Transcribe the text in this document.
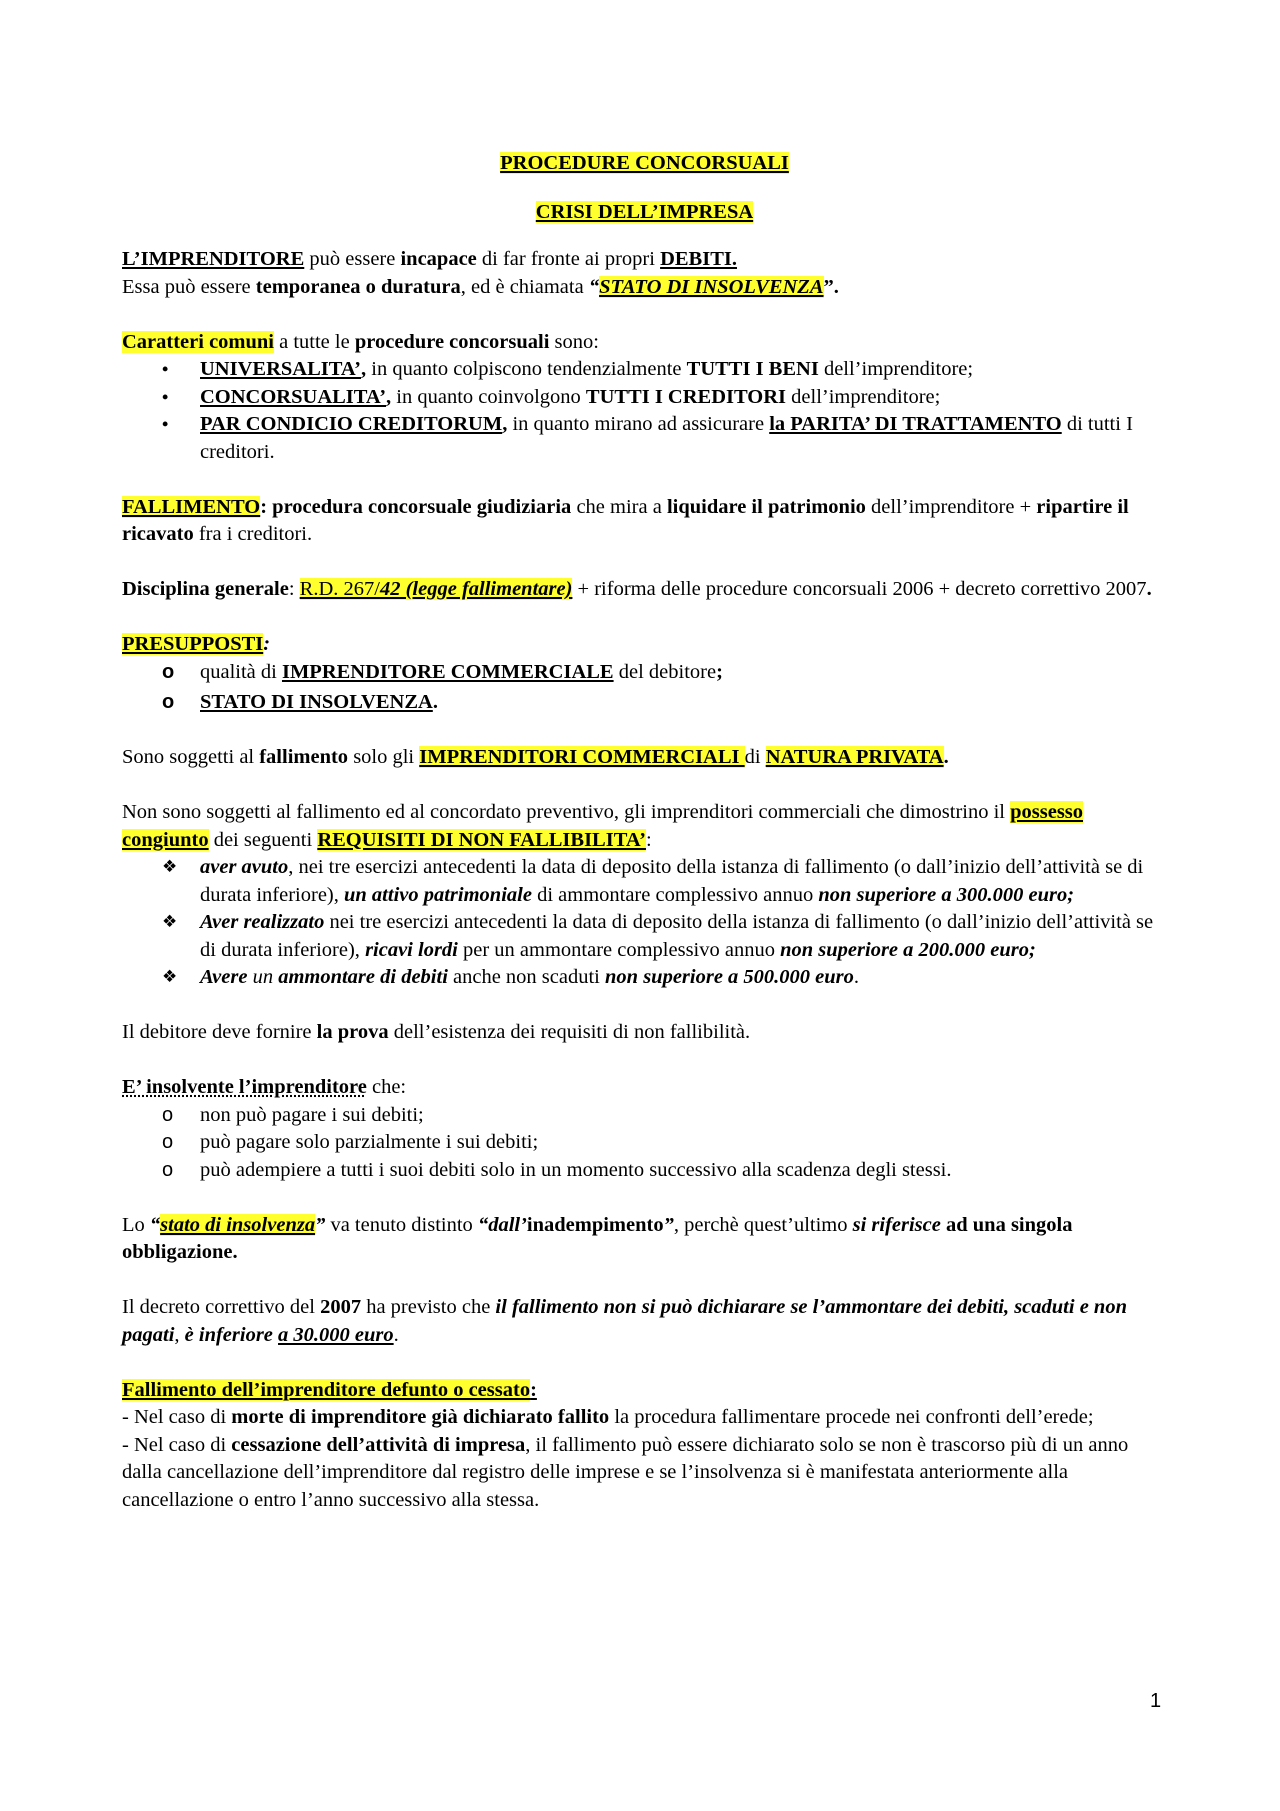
PROCEDURE CONCORSUALI

CRISI DELL’IMPRESA

L’IMPRENDITORE può essere incapace di far fronte ai propri DEBITI.

Essa può essere temporanea o duratura, ed è chiamata “STATO DI INSOLVENZA”.

Caratteri comuni a tutte le procedure concorsuali sono:

•	UNIVERSALITA’, in quanto colpiscono tendenzialmente TUTTI I BENI dell’imprenditore;
•	CONCORSUALITA’, in quanto coinvolgono TUTTI I CREDITORI dell’imprenditore;
•	PAR CONDICIO CREDITORUM, in quanto mirano ad assicurare la PARITA’ DI TRATTAMENTO di tutti I creditori.

FALLIMENTO: procedura concorsuale giudiziaria che mira a liquidare il patrimonio dell’imprenditore + ripartire il ricavato fra i creditori.

Disciplina generale: R.D. 267/42 (legge fallimentare) + riforma delle procedure concorsuali 2006 + decreto correttivo 2007.

PRESUPPOSTI:

o	qualità di IMPRENDITORE COMMERCIALE del debitore;
o	STATO DI INSOLVENZA.

Sono soggetti al fallimento solo gli IMPRENDITORI COMMERCIALI di NATURA PRIVATA.

Non sono soggetti al fallimento ed al concordato preventivo, gli imprenditori commerciali che dimostrino il possesso congiunto dei seguenti REQUISITI DI NON FALLIBILITA’:

❖	aver avuto, nei tre esercizi antecedenti la data di deposito della istanza di fallimento (o dall’inizio dell’attività se di durata inferiore), un attivo patrimoniale di ammontare complessivo annuo non superiore a 300.000 euro;
❖	Aver realizzato nei tre esercizi antecedenti la data di deposito della istanza di fallimento (o dall’inizio dell’attività se di durata inferiore), ricavi lordi per un ammontare complessivo annuo non superiore a 200.000 euro;
❖	Avere un ammontare di debiti anche non scaduti non superiore a 500.000 euro.

Il debitore deve fornire la prova dell’esistenza dei requisiti di non fallibilità.

E’ insolvente l’imprenditore che:

o	non può pagare i sui debiti;
o	può pagare solo parzialmente i sui debiti;
o	può adempiere a tutti i suoi debiti solo in un momento successivo alla scadenza degli stessi.

Lo “stato di insolvenza” va tenuto distinto “dall’inadempimento”, perchè quest’ultimo si riferisce ad una singola obbligazione.

Il decreto correttivo del 2007 ha previsto che il fallimento non si può dichiarare se l’ammontare dei debiti, scaduti e non pagati, è inferiore a 30.000 euro.

Fallimento dell’imprenditore defunto o cessato:

- Nel caso di morte di imprenditore già dichiarato fallito la procedura fallimentare procede nei confronti dell’erede;

- Nel caso di cessazione dell’attività di impresa, il fallimento può essere dichiarato solo se non è trascorso più di un anno dalla cancellazione dell’imprenditore dal registro delle imprese e se l’insolvenza si è manifestata anteriormente alla cancellazione o entro l’anno successivo alla stessa.

1
